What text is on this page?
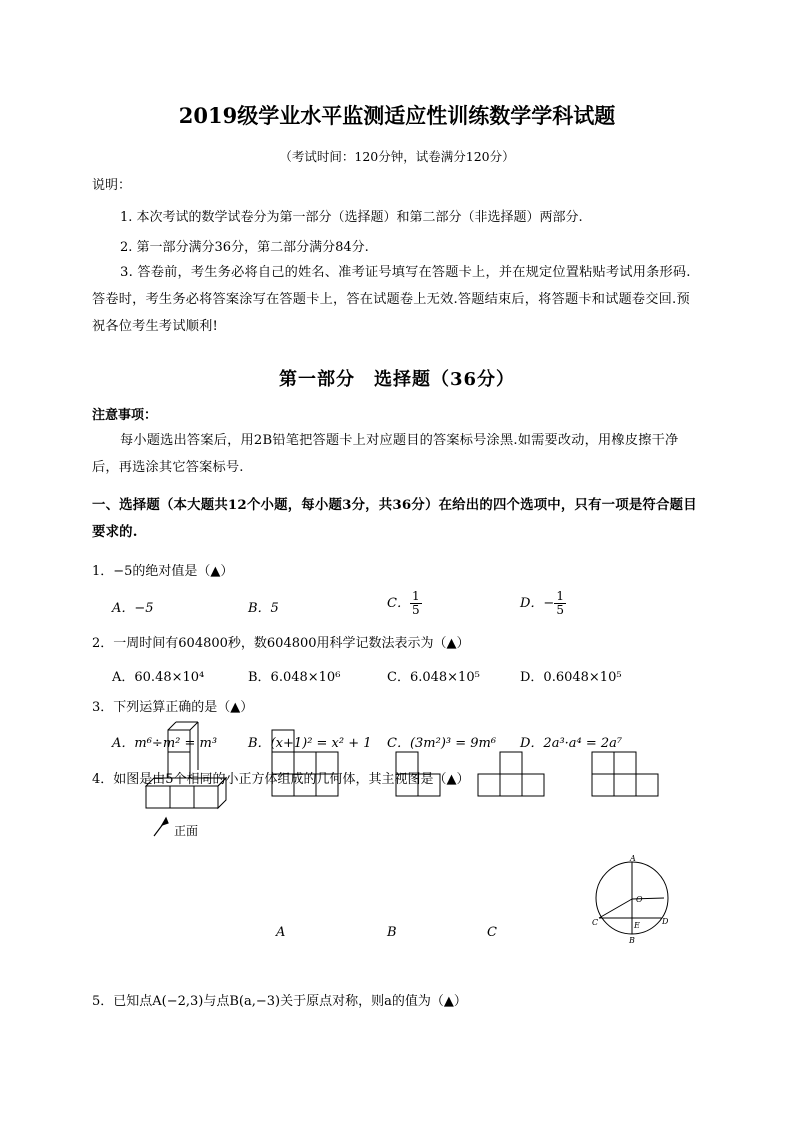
2019级学业水平监测适应性训练数学学科试题
（考试时间：120分钟，试卷满分120分）
说明：
1. 本次考试的数学试卷分为第一部分（选择题）和第二部分（非选择题）两部分.
2. 第一部分满分36分，第二部分满分84分.
3. 答卷前，考生务必将自己的姓名、准考证号填写在答题卡上，并在规定位置粘贴考试用条形码.答卷时，考生务必将答案涂写在答题卡上，答在试题卷上无效.答题结束后，将答题卡和试题卷交回.预祝各位考生考试顺利!
第一部分　选择题（36分）
注意事项：
每小题选出答案后，用2B铅笔把答题卡上对应题目的答案标号涂黑.如需要改动，用橡皮擦干净后，再选涂其它答案标号.
一、选择题（本大题共12个小题，每小题3分，共36分）在给出的四个选项中，只有一项是符合题目要求的.
1．−5的绝对值是（▲）
A．−5	B．5	C． $\frac{1}{5}$	D．− $\frac{1}{5}$
2．一周时间有604800秒，数604800用科学记数法表示为（▲）
A．60.48×10⁴	B．6.048×10⁶	C．6.048×10⁵	D．0.6048×10⁵
3．下列运算正确的是（▲）
A．m⁶÷m² = m³ B．(x+1)² = x² + 1 C．(3m²)³ = 9m⁶ D．2a³·a⁴ = 2a⁷
4．如图是由5个相同的小正方体组成的几何体，其主视图是（▲）
正面
A	B	C
A
O
C	D
E
B
5．已知点A(−2,3)与点B(a,−3)关于原点对称，则a的值为（▲）
